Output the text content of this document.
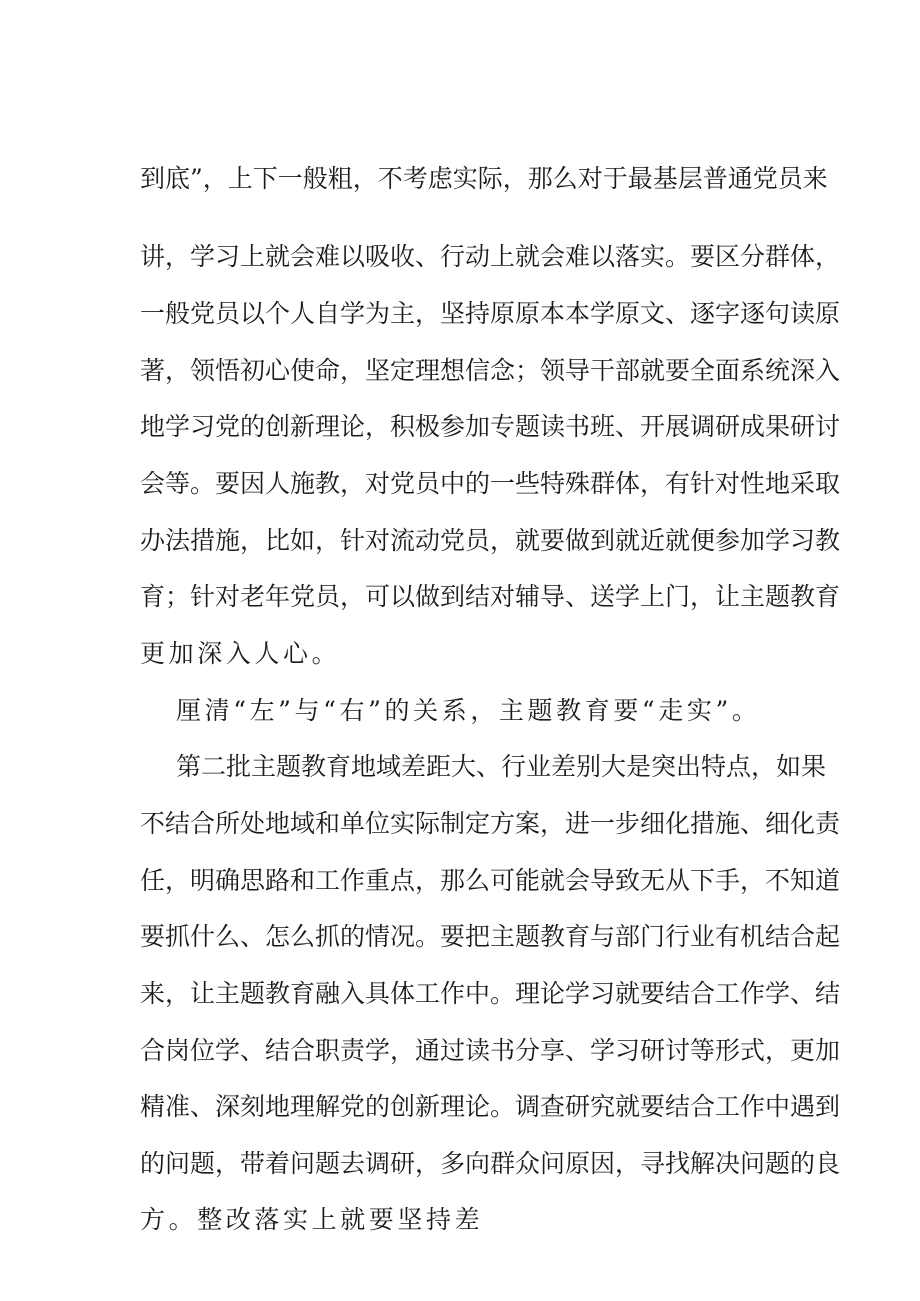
到底”，上下一般粗，不考虑实际，那么对于最基层普通党员来
讲，学习上就会难以吸收、行动上就会难以落实。要区分群体，
一般党员以个人自学为主，坚持原原本本学原文、逐字逐句读原
著，领悟初心使命，坚定理想信念；领导干部就要全面系统深入
地学习党的创新理论，积极参加专题读书班、开展调研成果研讨
会等。要因人施教，对党员中的一些特殊群体，有针对性地采取
办法措施，比如，针对流动党员，就要做到就近就便参加学习教
育；针对老年党员，可以做到结对辅导、送学上门，让主题教育
更加深入人心。
厘清“左”与“右”的关系，主题教育要“走实”。
第二批主题教育地域差距大、行业差别大是突出特点，如果
不结合所处地域和单位实际制定方案，进一步细化措施、细化责
任，明确思路和工作重点，那么可能就会导致无从下手，不知道
要抓什么、怎么抓的情况。要把主题教育与部门行业有机结合起
来，让主题教育融入具体工作中。理论学习就要结合工作学、结
合岗位学、结合职责学，通过读书分享、学习研讨等形式，更加
精准、深刻地理解党的创新理论。调查研究就要结合工作中遇到
的问题，带着问题去调研，多向群众问原因，寻找解决问题的良
方。整改落实上就要坚持差
